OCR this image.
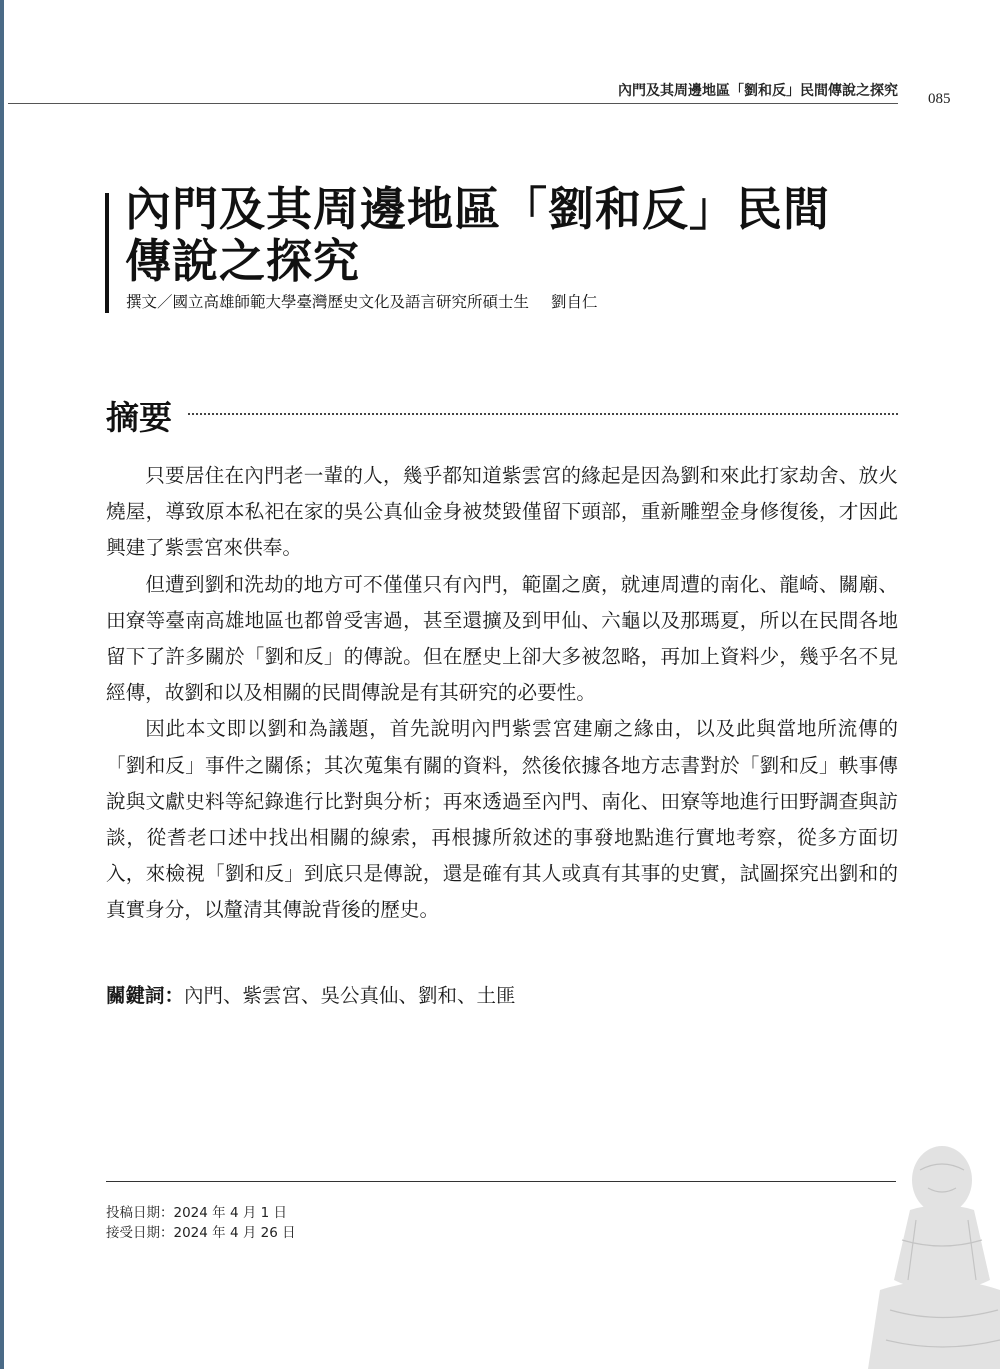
內門及其周邊地區「劉和反」民間傳說之探究 085
內門及其周邊地區「劉和反」民間
傳說之探究
撰文／國立高雄師範大學臺灣歷史文化及語言研究所碩士生 劉自仁
摘要

只要居住在內門老一輩的人，幾乎都知道紫雲宮的緣起是因為劉和來此打家劫舍、放火燒屋，導致原本私祀在家的吳公真仙金身被焚毀僅留下頭部，重新雕塑金身修復後，才因此興建了紫雲宮來供奉。

但遭到劉和洗劫的地方可不僅僅只有內門，範圍之廣，就連周遭的南化、龍崎、關廟、田寮等臺南高雄地區也都曾受害過，甚至還擴及到甲仙、六龜以及那瑪夏，所以在民間各地留下了許多關於「劉和反」的傳說。但在歷史上卻大多被忽略，再加上資料少，幾乎名不見經傳，故劉和以及相關的民間傳說是有其研究的必要性。

因此本文即以劉和為議題，首先說明內門紫雲宮建廟之緣由，以及此與當地所流傳的「劉和反」事件之關係；其次蒐集有關的資料，然後依據各地方志書對於「劉和反」軼事傳說與文獻史料等紀錄進行比對與分析；再來透過至內門、南化、田寮等地進行田野調查與訪談，從耆老口述中找出相關的線索，再根據所敘述的事發地點進行實地考察，從多方面切入，來檢視「劉和反」到底只是傳說，還是確有其人或真有其事的史實，試圖探究出劉和的真實身分，以釐清其傳說背後的歷史。

關鍵詞：內門、紫雲宮、吳公真仙、劉和、土匪
投稿日期：2024 年 4 月 1 日
接受日期：2024 年 4 月 26 日
